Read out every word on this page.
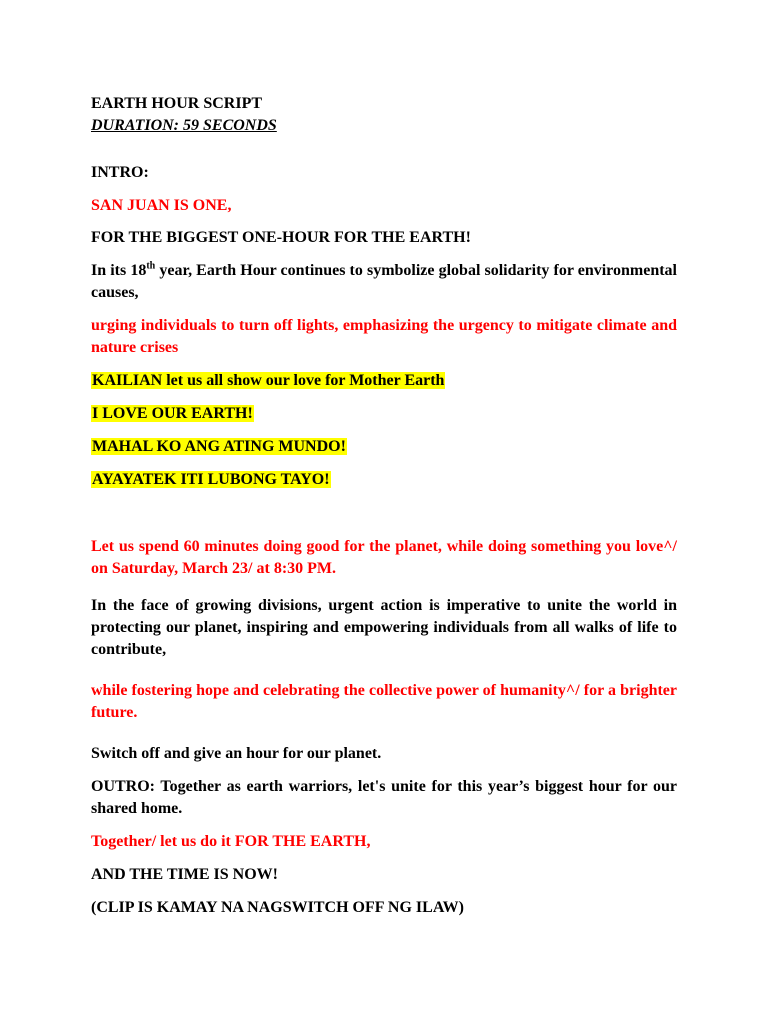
EARTH HOUR SCRIPT

DURATION: 59 SECONDS

INTRO:

SAN JUAN IS ONE,

FOR THE BIGGEST ONE-HOUR FOR THE EARTH!

In its 18th year, Earth Hour continues to symbolize global solidarity for environmental causes,

urging individuals to turn off lights, emphasizing the urgency to mitigate climate and nature crises

KAILIAN let us all show our love for Mother Earth

I LOVE OUR EARTH!

MAHAL KO ANG ATING MUNDO!

AYAYATEK ITI LUBONG TAYO!

Let us spend 60 minutes doing good for the planet, while doing something you love^/ on Saturday, March 23/ at 8:30 PM.

In the face of growing divisions, urgent action is imperative to unite the world in protecting our planet, inspiring and empowering individuals from all walks of life to contribute,

while fostering hope and celebrating the collective power of humanity^/ for a brighter future.

Switch off and give an hour for our planet.

OUTRO: Together as earth warriors, let's unite for this year’s biggest hour for our shared home.

Together/ let us do it FOR THE EARTH,

AND THE TIME IS NOW!

(CLIP IS KAMAY NA NAGSWITCH OFF NG ILAW)
